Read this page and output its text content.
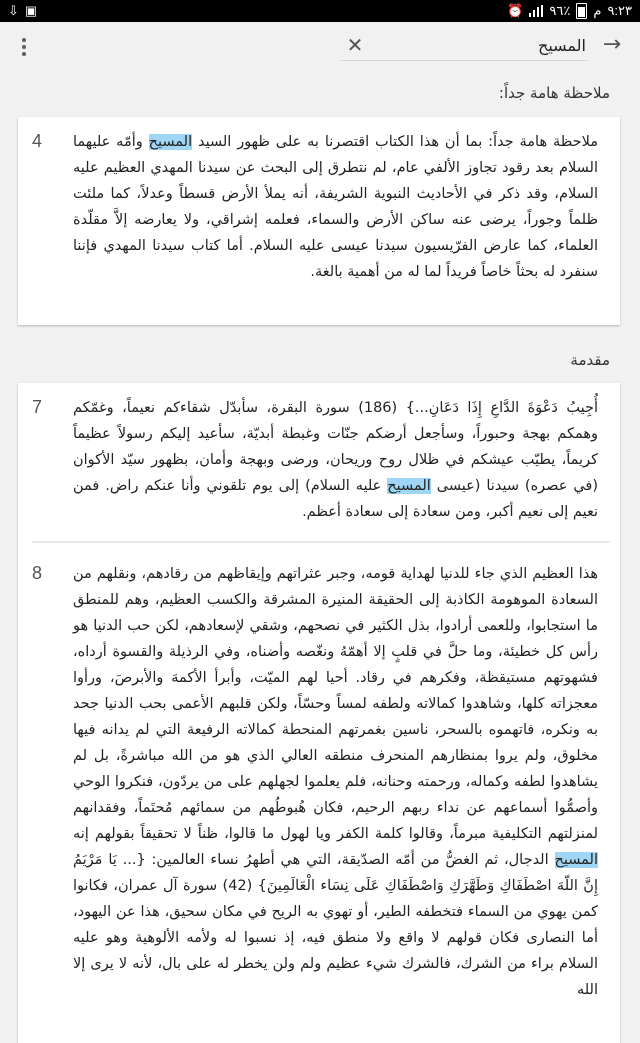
⇩ ▣	⏰ ٩٦٪ م ٩:٢٣
✕
المسيح	→
ملاحظة هامة جداً:
4	ملاحظة هامة جداً: بما أن هذا الكتاب اقتصرنا به على ظهور السيد المسيح وأمّه عليهما السلام بعد رقود تجاوز الألفي عام، لم نتطرق إلى البحث عن سيدنا المهدي العظيم عليه السلام، وقد ذكر في الأحاديث النبوية الشريفة، أنه يملأ الأرض قسطاً وعدلاً، كما ملئت ظلماً وجوراً، يرضى عنه ساكن الأرض والسماء، فعلمه إشراقي، ولا يعارضه إلاَّ مقلّدة العلماء، كما عارض الفرّيسيون سيدنا عيسى عليه السلام. أما كتاب سيدنا المهدي فإننا سنفرد له بحثاً خاصاً فريداً لما له من أهمية بالغة.
مقدمة
7 أُجِيبُ دَعْوَةَ الدَّاعِ إِذَا دَعَانِ...} (186) سورة البقرة، سأبدّل شقاءكم نعيماً، وغمّكم وهمكم بهجة وحبوراً، وسأجعل أرضكم جنّات وغبطة أبديّة، سأعيد إليكم رسولاً عظيماً كريماً، يطيّب عيشكم في ظلال روح وريحان، ورضى وبهجة وأمان، بظهور سيّد الأكوان (في عصره) سيدنا (عيسى المسيح عليه السلام) إلى يوم تلقوني وأنا عنكم راض. فمن نعيم إلى نعيم أكبر، ومن سعادة إلى سعادة أعظم.
8 هذا العظيم الذي جاء للدنيا لهداية قومه، وجبر عثراتهم وإيقاظهم من رقادهم، ونقلهم من السعادة الموهومة الكاذبة إلى الحقيقة المنيرة المشرقة والكسب العظيم، وهم للمنطق ما استجابوا، وللعمى أرادوا، بذل الكثير في نصحهم، وشقي لإسعادهم، لكن حب الدنيا هو رأس كل خطيئة، وما حلَّ في قلبٍ إلا أهمّهُ ونغّصه وأضناه، وفي الرذيلة والقسوة أرداه، فشهوتهم مستيقظة، وفكرهم في رقاد. أحيا لهم الميّت، وأبرأ الأكمهَ والأبرصَ، ورأوا معجزاته كلها، وشاهدوا كمالاته ولطفه لمساً وحسّاً، ولكن قلبهم الأعمى بحب الدنيا جحد به ونكره، فاتهموه بالسحر، ناسين بغمرتهم المنحطة كمالاته الرفيعة التي لم يدانه فيها مخلوق، ولم يروا بمنظارهم المنحرف منطقه العالي الذي هو من الله مباشرةً، بل لم يشاهدوا لطفه وكماله، ورحمته وحنانه، فلم يعلموا لجهلهم على من يردّون، فنكروا الوحي وأصمُّوا أسماعهم عن نداء ربهم الرحيم، فكان هُبوطُهم من سمائهم مُحتَماً، وفقدانهم لمنزلتهم التكليفية مبرماً، وقالوا كلمة الكفر ويا لهول ما قالوا، ظناً لا تحقيقاً بقولهم إنه المسيح الدجال، ثم الغضُّ من أمّه الصدّيقة، التي هي أطهرُ نساء العالمين: {... يَا مَرْيَمُ إِنَّ اللّهَ اصْطَفَاكِ وَطَهَّرَكِ وَاصْطَفَاكِ عَلَى نِسَاء الْعَالَمِينَ} (42) سورة آل عمران، فكانوا كمن يهوي من السماء فتخطفه الطير، أو تهوي به الريح في مكان سحيق، هذا عن اليهود، أما النصارى فكان قولهم لا واقع ولا منطق فيه، إذ نسبوا له ولأمه الألوهية وهو عليه السلام براء من الشرك، فالشرك شيء عظيم ولم ولن يخطر له على بال، لأنه لا يرى إلا الله
